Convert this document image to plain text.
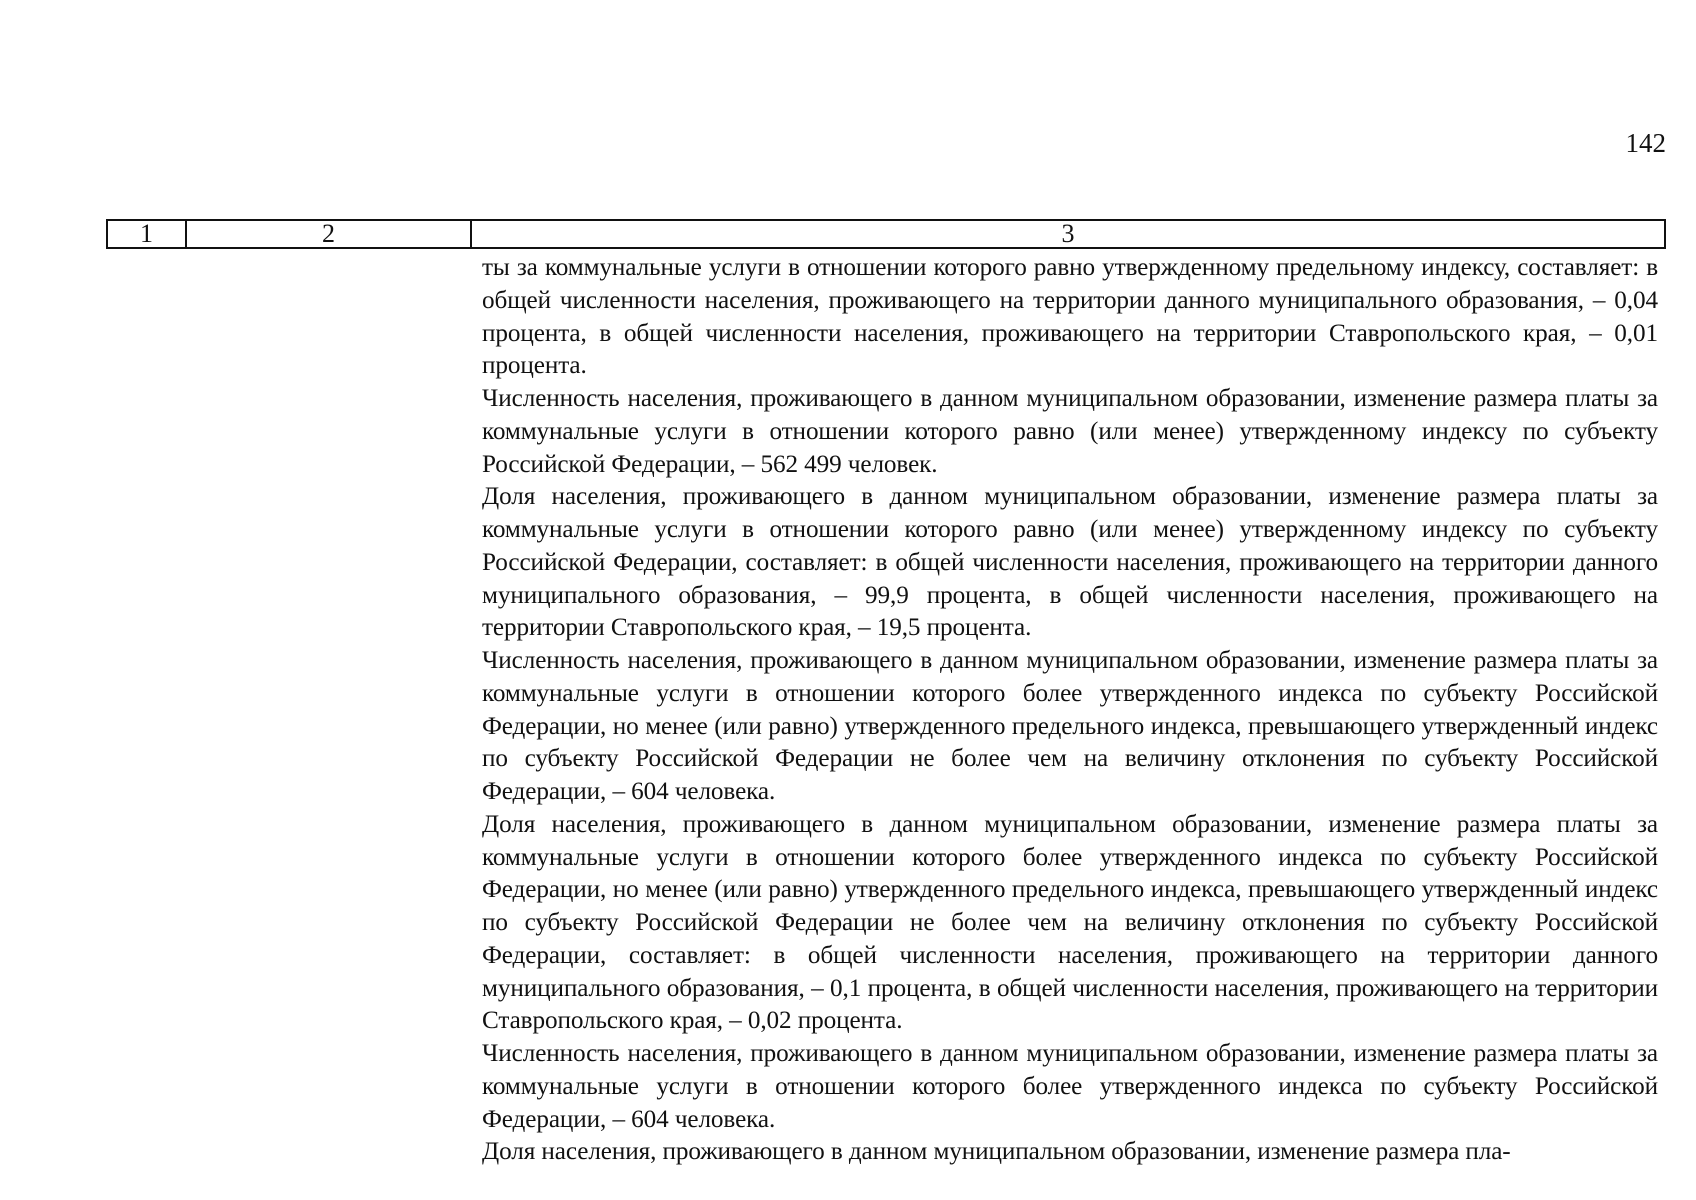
142
1	2	3

ты за коммунальные услуги в отношении которого равно утвержденному предельному индексу, составляет: в общей численности населения, проживающего на территории данного муниципального образования, – 0,04 процента, в общей численности населения, проживающего на территории Ставропольского края, – 0,01 процента.

Численность населения, проживающего в данном муниципальном образовании, изменение размера платы за коммунальные услуги в отношении которого равно (или менее) утвержденному индексу по субъекту Российской Федерации, – 562 499 человек.

Доля населения, проживающего в данном муниципальном образовании, изменение размера платы за коммунальные услуги в отношении которого равно (или менее) утвержденному индексу по субъекту Российской Федерации, составляет: в общей численности населения, проживающего на территории данного муниципального образования, – 99,9 процента, в общей численности населения, проживающего на территории Ставропольского края, – 19,5 процента.

Численность населения, проживающего в данном муниципальном образовании, изменение размера платы за коммунальные услуги в отношении которого более утвержденного индекса по субъекту Российской Федерации, но менее (или равно) утвержденного предельного индекса, превышающего утвержденный индекс по субъекту Российской Федерации не более чем на величину отклонения по субъекту Российской Федерации, – 604 человека.

Доля населения, проживающего в данном муниципальном образовании, изменение размера платы за коммунальные услуги в отношении которого более утвержденного индекса по субъекту Российской Федерации, но менее (или равно) утвержденного предельного индекса, превышающего утвержденный индекс по субъекту Российской Федерации не более чем на величину отклонения по субъекту Российской Федерации, составляет: в общей численности населения, проживающего на территории данного муниципального образования, – 0,1 процента, в общей численности населения, проживающего на территории Ставропольского края, – 0,02 процента.

Численность населения, проживающего в данном муниципальном образовании, изменение размера платы за коммунальные услуги в отношении которого более утвержденного индекса по субъекту Российской Федерации, – 604 человека.

Доля населения, проживающего в данном муниципальном образовании, изменение размера пла-
